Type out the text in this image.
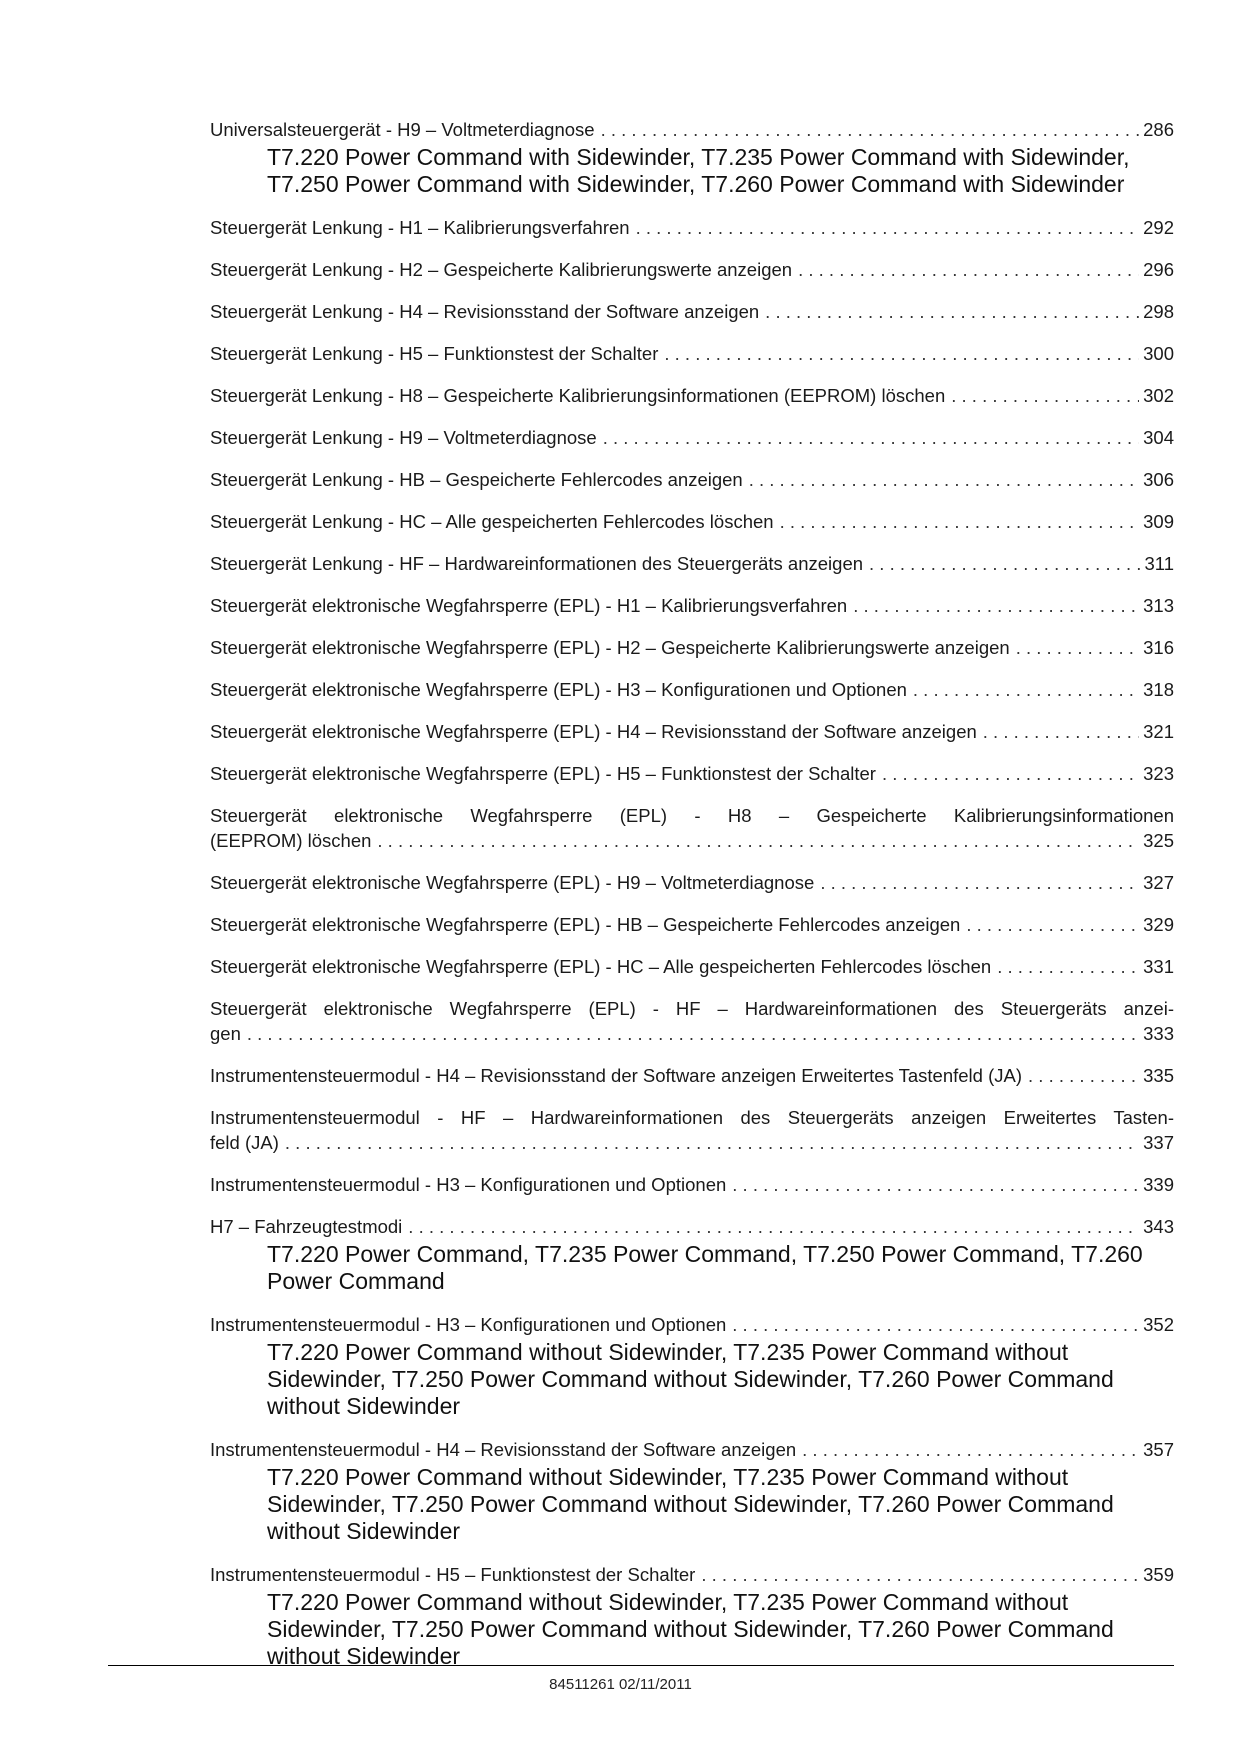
Universalsteuergerät - H9 – Voltmeterdiagnose . . .	286
T7.220 Power Command with Sidewinder, T7.235 Power Command with Sidewinder, T7.250 Power Command with Sidewinder, T7.260 Power Command with Sidewinder
Steuergerät Lenkung - H1 – Kalibrierungsverfahren . . .	292
Steuergerät Lenkung - H2 – Gespeicherte Kalibrierungswerte anzeigen . . .	296
Steuergerät Lenkung - H4 – Revisionsstand der Software anzeigen . . .	298
Steuergerät Lenkung - H5 – Funktionstest der Schalter . . .	300
Steuergerät Lenkung - H8 – Gespeicherte Kalibrierungsinformationen (EEPROM) löschen . . .	302
Steuergerät Lenkung - H9 – Voltmeterdiagnose . . .	304
Steuergerät Lenkung - HB – Gespeicherte Fehlercodes anzeigen . . .	306
Steuergerät Lenkung - HC – Alle gespeicherten Fehlercodes löschen . . .	309
Steuergerät Lenkung - HF – Hardwareinformationen des Steuergeräts anzeigen . . .	311
Steuergerät elektronische Wegfahrsperre (EPL) - H1 – Kalibrierungsverfahren . . .	313
Steuergerät elektronische Wegfahrsperre (EPL) - H2 – Gespeicherte Kalibrierungswerte anzeigen . . .	316
Steuergerät elektronische Wegfahrsperre (EPL) - H3 – Konfigurationen und Optionen . . .	318
Steuergerät elektronische Wegfahrsperre (EPL) - H4 – Revisionsstand der Software anzeigen . . .	321
Steuergerät elektronische Wegfahrsperre (EPL) - H5 – Funktionstest der Schalter . . .	323
Steuergerät elektronische Wegfahrsperre (EPL) - H8 – Gespeicherte Kalibrierungsinformationen
(EEPROM) löschen . . .	325
Steuergerät elektronische Wegfahrsperre (EPL) - H9 – Voltmeterdiagnose . . .	327
Steuergerät elektronische Wegfahrsperre (EPL) - HB – Gespeicherte Fehlercodes anzeigen . . .	329
Steuergerät elektronische Wegfahrsperre (EPL) - HC – Alle gespeicherten Fehlercodes löschen . . .	331
Steuergerät elektronische Wegfahrsperre (EPL) - HF – Hardwareinformationen des Steuergeräts anzei-
gen . . .	333
Instrumentensteuermodul - H4 – Revisionsstand der Software anzeigen Erweitertes Tastenfeld (JA) . . .	335
Instrumentensteuermodul - HF – Hardwareinformationen des Steuergeräts anzeigen Erweitertes Tasten-
feld (JA) . . .	337
Instrumentensteuermodul - H3 – Konfigurationen und Optionen . . .	339
H7 – Fahrzeugtestmodi . . .	343
T7.220 Power Command, T7.235 Power Command, T7.250 Power Command, T7.260 Power Command
Instrumentensteuermodul - H3 – Konfigurationen und Optionen . . .	352
T7.220 Power Command without Sidewinder, T7.235 Power Command without Sidewinder, T7.250 Power Command without Sidewinder, T7.260 Power Command without Sidewinder
Instrumentensteuermodul - H4 – Revisionsstand der Software anzeigen . . .	357
T7.220 Power Command without Sidewinder, T7.235 Power Command without Sidewinder, T7.250 Power Command without Sidewinder, T7.260 Power Command without Sidewinder
Instrumentensteuermodul - H5 – Funktionstest der Schalter . . .	359
T7.220 Power Command without Sidewinder, T7.235 Power Command without Sidewinder, T7.250 Power Command without Sidewinder, T7.260 Power Command without Sidewinder
84511261 02/11/2011
